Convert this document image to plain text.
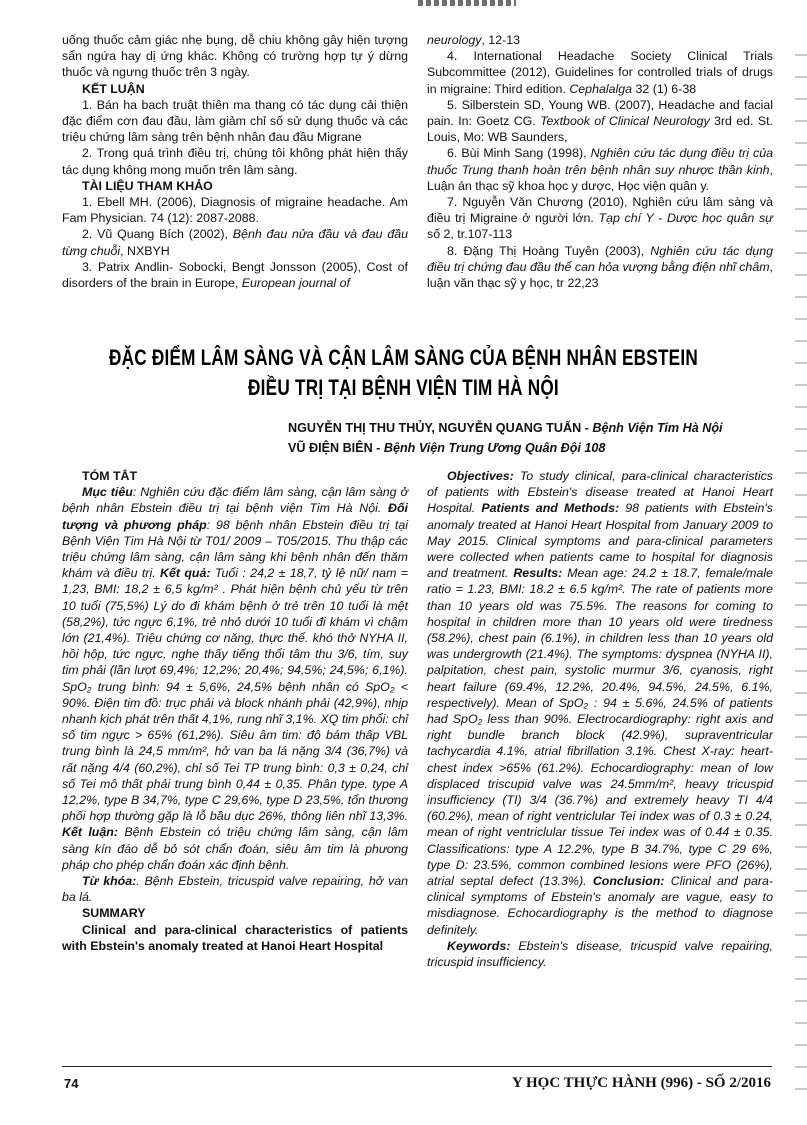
uống thuốc cảm giác nhẹ bụng, dễ chiu không gây hiện tượng sẩn ngứa hay dị ứng khác. Không có trường hợp tự ý dừng thuốc và ngưng thuốc trên 3 ngày.

KẾT LUẬN

1. Bán ha bach truật thiên ma thang có tác dụng cải thiện đặc điểm cơn đau đầu, làm giảm chỉ số sử dụng thuốc và các triệu chứng lâm sàng trên bệnh nhân đau đầu Migrane

2. Trong quá trình điều trị, chúng tôi không phát hiện thấy tác dụng không mong muốn trên lâm sàng.

TÀI LIỆU THAM KHẢO

1. Ebell MH. (2006), Diagnosis of migraine headache. Am Fam Physician. 74 (12): 2087-2088.

2. Vũ Quang Bích (2002), Bệnh đau nửa đầu và đau đầu từng chuỗi, NXBYH

3. Patrix Andlin- Sobocki, Bengt Jonsson (2005), Cost of disorders of the brain in Europe, European journal of

neurology, 12-13

4. International Headache Society Clinical Trials Subcommittee (2012), Guidelines for controlled trials of drugs in migraine: Third edition. Cephalalga 32 (1) 6-38

5. Silberstein SD, Young WB. (2007), Headache and facial pain. In: Goetz CG. Textbook of Clinical Neurology 3rd ed. St. Louis, Mo: WB Saunders,

6. Bùi Minh Sang (1998), Nghiên cứu tác dụng điều trị của thuốc Trung thanh hoàn trên bệnh nhân suy nhược thần kinh, Luận án thạc sỹ khoa học y dược, Học viện quân y.

7. Nguyễn Văn Chương (2010), Nghiên cứu lâm sàng và điều trị Migraine ở người lớn. Tạp chí Y - Dược học quân sự số 2, tr.107-113

8. Đặng Thị Hoàng Tuyên (2003), Nghiên cứu tác dụng điều trị chứng đau đầu thể can hỏa vượng bằng điện nhĩ châm, luận văn thạc sỹ y học, tr 22,23

ĐẶC ĐIỂM LÂM SÀNG VÀ CẬN LÂM SÀNG CỦA BỆNH NHÂN EBSTEIN
ĐIỀU TRỊ TẠI BỆNH VIỆN TIM HÀ NỘI
NGUYỄN THỊ THU THỦY, NGUYỄN QUANG TUẤN - Bệnh Viện Tim Hà Nội
VŨ ĐIỆN BIÊN - Bệnh Viện Trung Ương Quân Đội 108

TÓM TẮT

Mục tiêu: Nghiên cứu đặc điểm lâm sàng, cận lâm sàng ở bệnh nhân Ebstein điều trị tại bệnh viện Tim Hà Nội. Đối tượng và phương pháp: 98 bệnh nhân Ebstein điều trị tại Bệnh Viện Tim Hà Nội từ T01/ 2009 – T05/2015. Thu thập các triệu chứng lâm sàng, cận lâm sàng khi bệnh nhân đến thăm khám và điều trị. Kết quả: Tuổi : 24,2 ± 18,7, tỷ lệ nữ/ nam = 1,23, BMI: 18,2 ± 6,5 kg/m² . Phát hiện bệnh chủ yếu từ trên 10 tuổi (75,5%) Lý do đi khám bệnh ở trẻ trên 10 tuổi là mệt (58,2%), tức ngực 6,1%, trẻ nhỏ dưới 10 tuổi đi khám vì chậm lớn (21,4%). Triệu chứng cơ năng, thực thể. khó thở NYHA II, hồi hộp, tức ngực, nghe thấy tiếng thổi tâm thu 3/6, tím, suy tim phải (lần lượt 69,4%; 12,2%; 20,4%; 94,5%; 24,5%; 6,1%). SpO₂ trung bình: 94 ± 5,6%, 24,5% bệnh nhân có SpO₂ < 90%. Điện tim đồ: trục phải và block nhánh phải (42,9%), nhịp nhanh kịch phát trên thất 4,1%, rung nhĩ 3,1%. XQ tim phổi: chỉ số tim ngực > 65% (61,2%). Siêu âm tim: độ bám thấp VBL trung bình là 24,5 mm/m², hở van ba lá nặng 3/4 (36,7%) và rất nặng 4/4 (60,2%), chỉ số Tei TP trung bình: 0,3 ± 0,24, chỉ số Tei mô thất phải trung bình 0,44 ± 0,35. Phân type. type A 12,2%, type B 34,7%, type C 29,6%, type D 23,5%, tổn thương phối hợp thường gặp là lỗ bầu dục 26%, thông liên nhĩ 13,3%. Kết luận: Bệnh Ebstein có triệu chứng lâm sàng, cận lâm sàng kín đáo dễ bỏ sót chẩn đoán, siêu âm tim là phương pháp cho phép chẩn đoán xác định bệnh.

Từ khóa:. Bệnh Ebstein, tricuspid valve repairing, hở van ba lá.

SUMMARY

Clinical and para-clinical characteristics of patients with Ebstein's anomaly treated at Hanoi Heart Hospital

Objectives: To study clinical, para-clinical characteristics of patients with Ebstein's disease treated at Hanoi Heart Hospital. Patients and Methods: 98 patients with Ebstein's anomaly treated at Hanoi Heart Hospital from January 2009 to May 2015. Clinical symptoms and para-clinical parameters were collected when patients came to hospital for diagnosis and treatment. Results: Mean age: 24.2 ± 18.7, female/male ratio = 1.23, BMI: 18.2 ± 6.5 kg/m². The rate of patients more than 10 years old was 75.5%. The reasons for coming to hospital in children more than 10 years old were tiredness (58.2%), chest pain (6.1%), in children less than 10 years old was undergrowth (21.4%). The symptoms: dyspnea (NYHA II), palpitation, chest pain, systolic murmur 3/6, cyanosis, right heart failure (69.4%, 12.2%, 20.4%, 94.5%, 24.5%, 6.1%, respectively). Mean of SpO₂ : 94 ± 5.6%, 24.5% of patients had SpO₂ less than 90%. Electrocardiography: right axis and right bundle branch block (42.9%), supraventricular tachycardia 4.1%, atrial fibrillation 3.1%. Chest X-ray: heart-chest index >65% (61.2%). Echocardiography: mean of low displaced triscupid valve was 24.5mm/m², heavy tricuspid insufficiency (TI) 3/4 (36.7%) and extremely heavy TI 4/4 (60.2%), mean of right ventriclular Tei index was of 0.3 ± 0.24, mean of right ventriclular tissue Tei index was of 0.44 ± 0.35. Classifications: type A 12.2%, type B 34.7%, type C 29 6%, type D: 23.5%, common combined lesions were PFO (26%), atrial septal defect (13.3%). Conclusion: Clinical and para-clinical symptoms of Ebstein's anomaly are vague, easy to misdiagnose. Echocardiography is the method to diagnose definitely.

Keywords: Ebstein's disease, tricuspid valve repairing, tricuspid insufficiency.

74	Y HỌC THỰC HÀNH (996) - SỐ 2/2016
